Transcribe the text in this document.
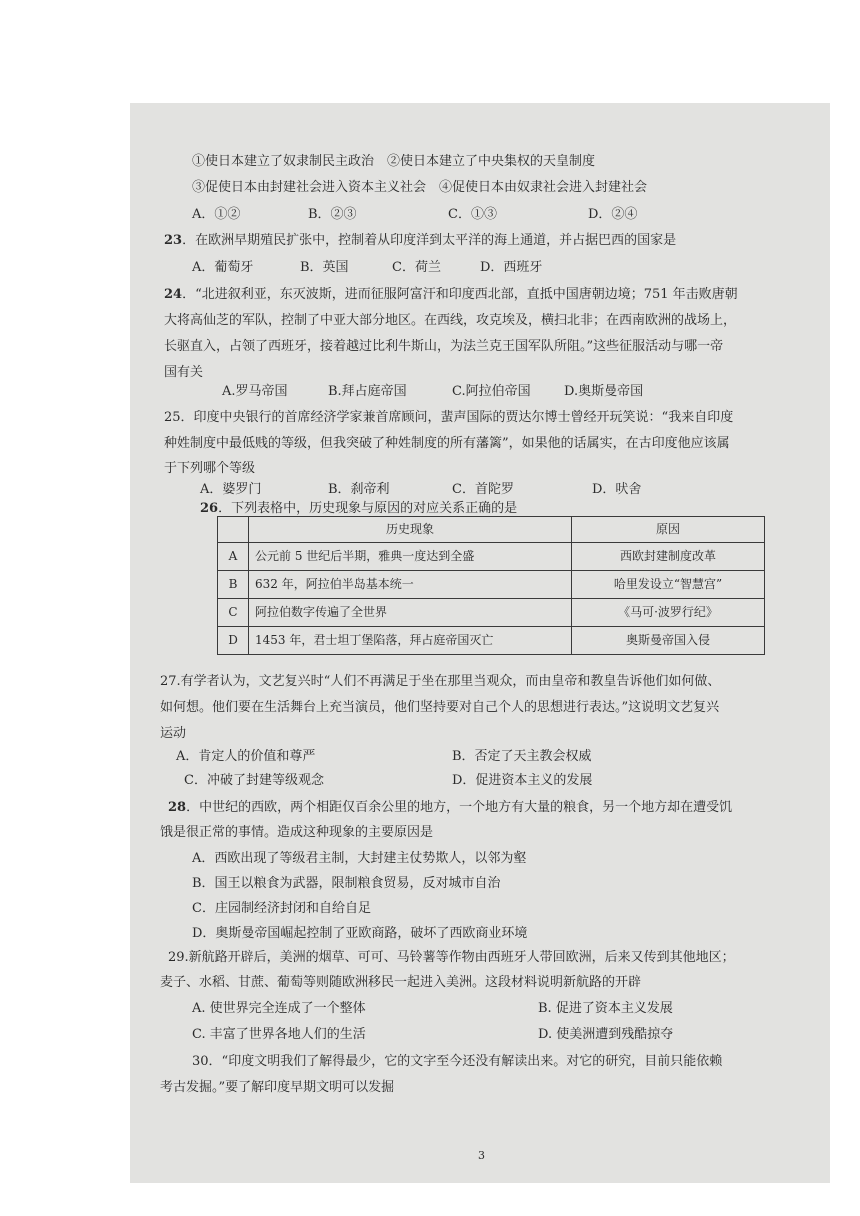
①使日本建立了奴隶制民主政治　②使日本建立了中央集权的天皇制度
③促使日本由封建社会进入资本主义社会　④促使日本由奴隶社会进入封建社会
A．①②	B．②③	C．①③	D．②④
23．在欧洲早期殖民扩张中，控制着从印度洋到太平洋的海上通道，并占据巴西的国家是
A．葡萄牙	B．英国	C．荷兰	D．西班牙
24．“北进叙利亚，东灭波斯，进而征服阿富汗和印度西北部，直抵中国唐朝边境；751 年击败唐朝
大将高仙芝的军队，控制了中亚大部分地区。在西线，攻克埃及，横扫北非；在西南欧洲的战场上，
长驱直入，占领了西班牙，接着越过比利牛斯山，为法兰克王国军队所阻。”这些征服活动与哪一帝
国有关
A.罗马帝国	B.拜占庭帝国	C.阿拉伯帝国	D.奥斯曼帝国
25．印度中央银行的首席经济学家兼首席顾问，蜚声国际的贾达尔博士曾经开玩笑说：“我来自印度
种姓制度中最低贱的等级，但我突破了种姓制度的所有藩篱”，如果他的话属实，在古印度他应该属
于下列哪个等级
A．婆罗门	B．刹帝利	C．首陀罗	D．吠舍
26．下列表格中，历史现象与原因的对应关系正确的是
	历史现象	原因
A	公元前 5 世纪后半期，雅典一度达到全盛	西欧封建制度改革
B	632 年，阿拉伯半岛基本统一	哈里发设立“智慧宫”
C	阿拉伯数字传遍了全世界	《马可·波罗行纪》
D	1453 年，君士坦丁堡陷落，拜占庭帝国灭亡	奥斯曼帝国入侵
27.有学者认为，文艺复兴时“人们不再满足于坐在那里当观众，而由皇帝和教皇告诉他们如何做、
如何想。他们要在生活舞台上充当演员，他们坚持要对自己个人的思想进行表达。”这说明文艺复兴
运动
A．肯定人的价值和尊严	B．否定了天主教会权威
C．冲破了封建等级观念	D．促进资本主义的发展
28．中世纪的西欧，两个相距仅百余公里的地方，一个地方有大量的粮食，另一个地方却在遭受饥
饿是很正常的事情。造成这种现象的主要原因是
A．西欧出现了等级君主制，大封建主仗势欺人，以邻为壑
B．国王以粮食为武器，限制粮食贸易，反对城市自治
C．庄园制经济封闭和自给自足
D．奥斯曼帝国崛起控制了亚欧商路，破坏了西欧商业环境
29.新航路开辟后，美洲的烟草、可可、马铃薯等作物由西班牙人带回欧洲，后来又传到其他地区；
麦子、水稻、甘蔗、葡萄等则随欧洲移民一起进入美洲。这段材料说明新航路的开辟
A. 使世界完全连成了一个整体	B. 促进了资本主义发展
C. 丰富了世界各地人们的生活	D. 使美洲遭到残酷掠夺
30．“印度文明我们了解得最少，它的文字至今还没有解读出来。对它的研究，目前只能依赖
考古发掘。”要了解印度早期文明可以发掘
3
